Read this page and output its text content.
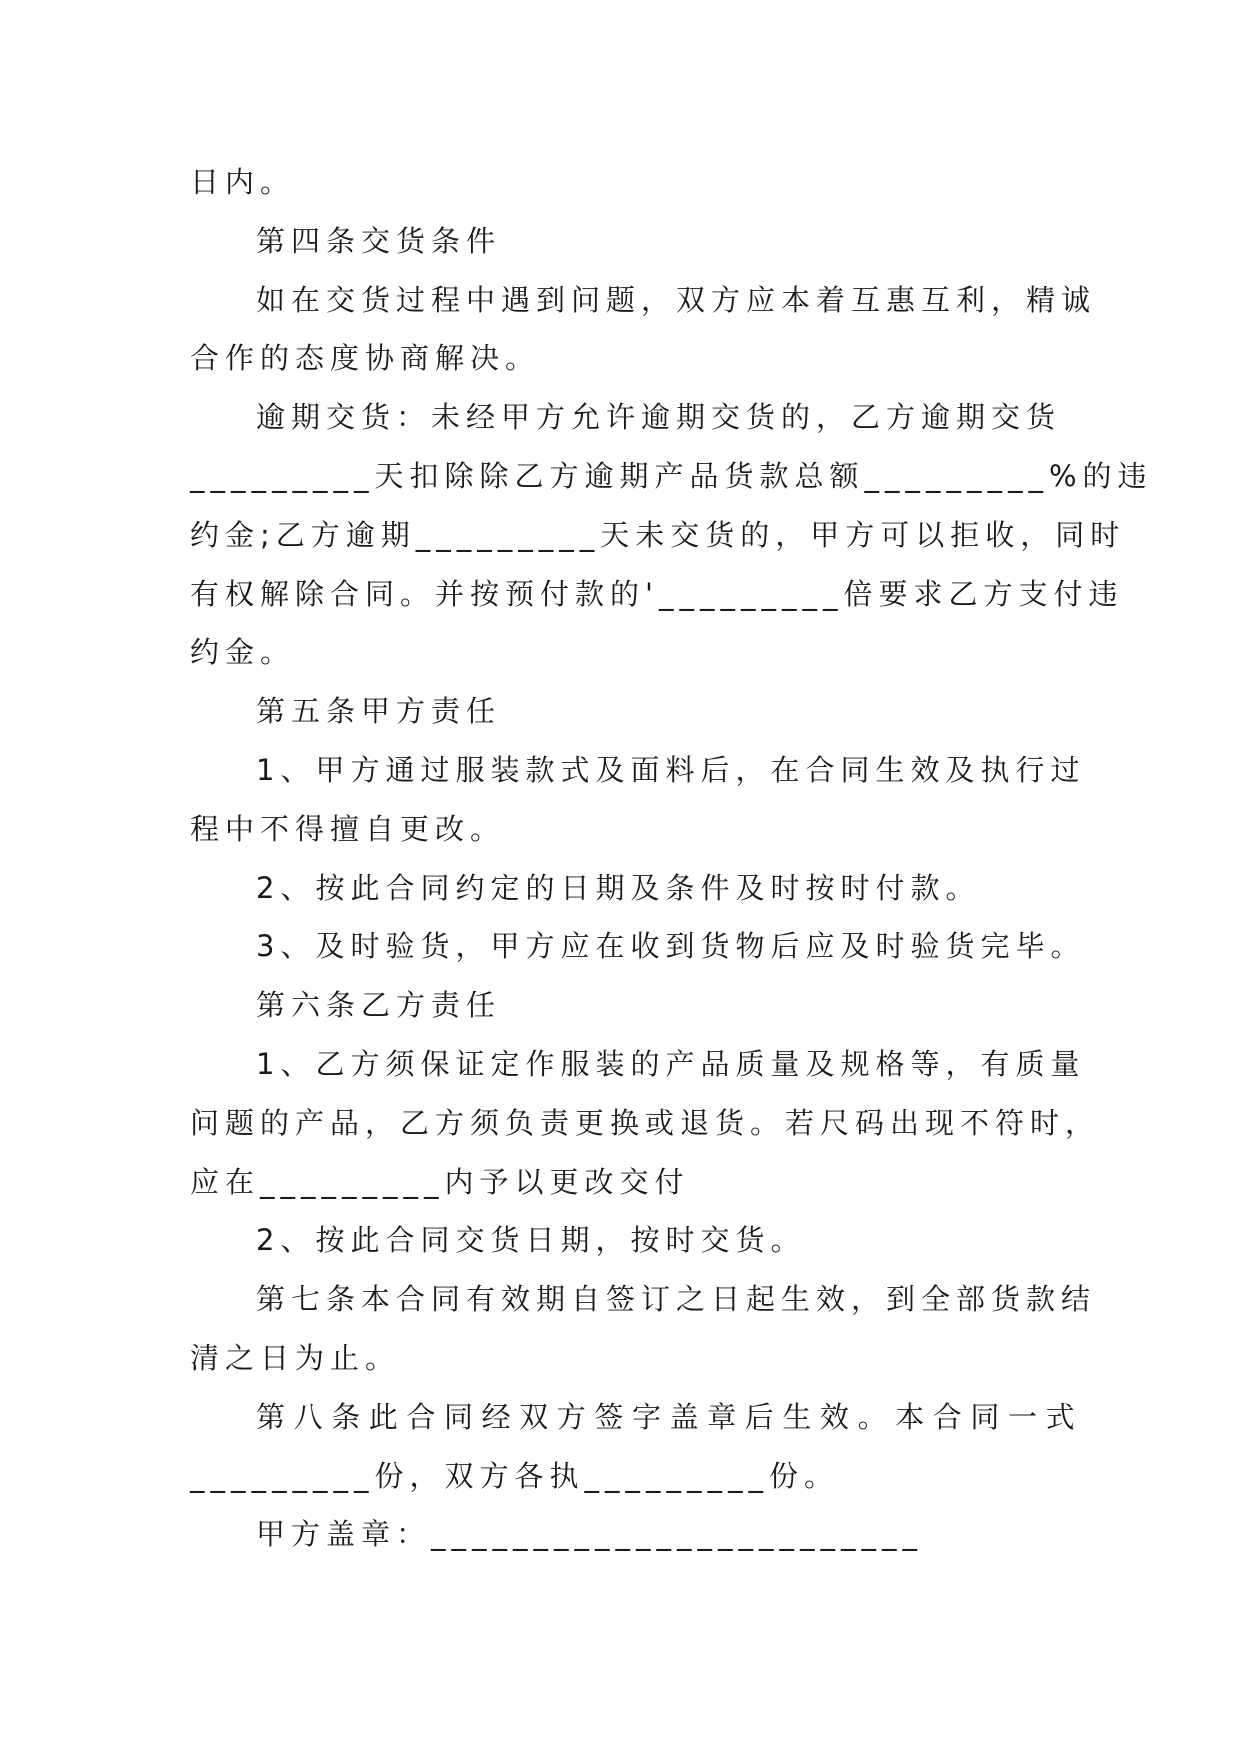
日内。
第四条交货条件
如在交货过程中遇到问题，双方应本着互惠互利，精诚
合作的态度协商解决。
逾期交货：未经甲方允许逾期交货的，乙方逾期交货
_________天扣除除乙方逾期产品货款总额_________%的违
约金;乙方逾期_________天未交货的，甲方可以拒收，同时
有权解除合同。并按预付款的'_________倍要求乙方支付违
约金。
第五条甲方责任
1、甲方通过服装款式及面料后，在合同生效及执行过
程中不得擅自更改。
2、按此合同约定的日期及条件及时按时付款。
3、及时验货，甲方应在收到货物后应及时验货完毕。
第六条乙方责任
1、乙方须保证定作服装的产品质量及规格等，有质量
问题的产品，乙方须负责更换或退货。若尺码出现不符时，
应在_________内予以更改交付
2、按此合同交货日期，按时交货。
第七条本合同有效期自签订之日起生效，到全部货款结
清之日为止。
第八条此合同经双方签字盖章后生效。本合同一式
_________份，双方各执_________份。
甲方盖章：________________________
